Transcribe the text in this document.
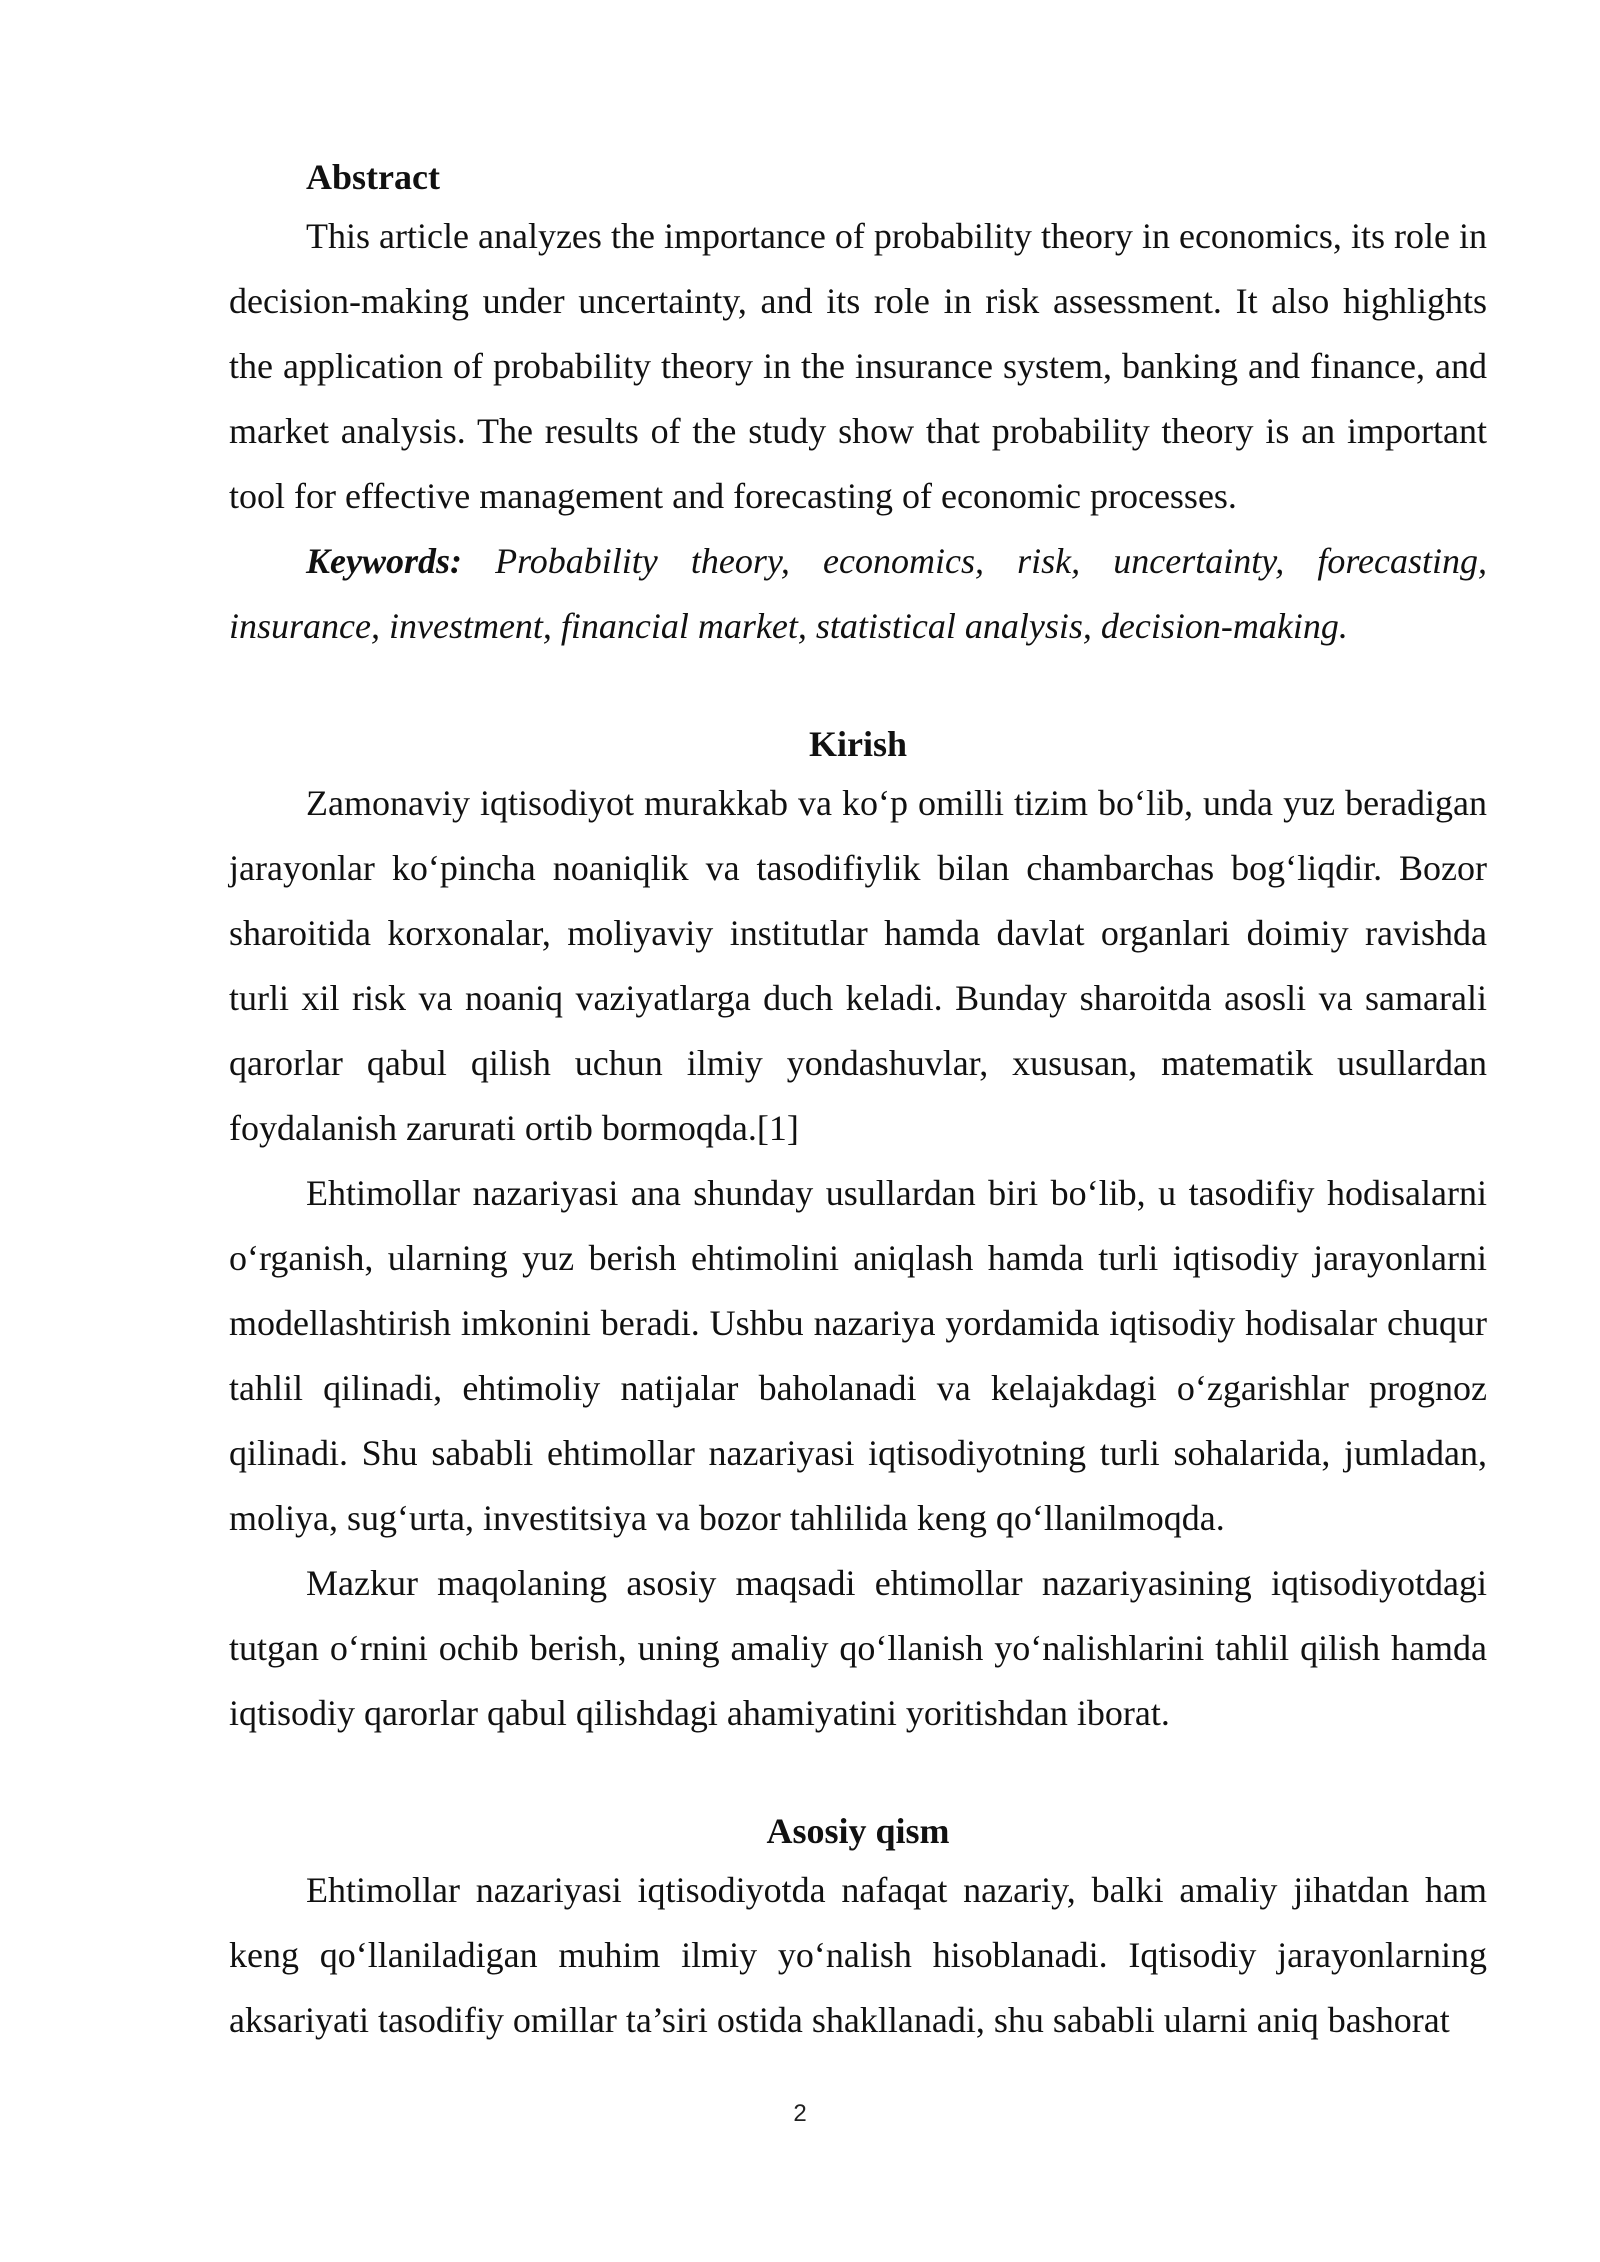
Abstract

This article analyzes the importance of probability theory in economics, its role in decision-making under uncertainty, and its role in risk assessment. It also highlights the application of probability theory in the insurance system, banking and finance, and market analysis. The results of the study show that probability theory is an important tool for effective management and forecasting of economic processes.

Keywords: Probability theory, economics, risk, uncertainty, forecasting, insurance, investment, financial market, statistical analysis, decision-making.

Kirish

Zamonaviy iqtisodiyot murakkab va ko‘p omilli tizim bo‘lib, unda yuz beradigan jarayonlar ko‘pincha noaniqlik va tasodifiylik bilan chambarchas bog‘liqdir. Bozor sharoitida korxonalar, moliyaviy institutlar hamda davlat organlari doimiy ravishda turli xil risk va noaniq vaziyatlarga duch keladi. Bunday sharoitda asosli va samarali qarorlar qabul qilish uchun ilmiy yondashuvlar, xususan, matematik usullardan foydalanish zarurati ortib bormoqda.[1]

Ehtimollar nazariyasi ana shunday usullardan biri bo‘lib, u tasodifiy hodisalarni o‘rganish, ularning yuz berish ehtimolini aniqlash hamda turli iqtisodiy jarayonlarni modellashtirish imkonini beradi. Ushbu nazariya yordamida iqtisodiy hodisalar chuqur tahlil qilinadi, ehtimoliy natijalar baholanadi va kelajakdagi o‘zgarishlar prognoz qilinadi. Shu sababli ehtimollar nazariyasi iqtisodiyotning turli sohalarida, jumladan, moliya, sug‘urta, investitsiya va bozor tahlilida keng qo‘llanilmoqda.

Mazkur maqolaning asosiy maqsadi ehtimollar nazariyasining iqtisodiyotdagi tutgan o‘rnini ochib berish, uning amaliy qo‘llanish yo‘nalishlarini tahlil qilish hamda iqtisodiy qarorlar qabul qilishdagi ahamiyatini yoritishdan iborat.

Asosiy qism

Ehtimollar nazariyasi iqtisodiyotda nafaqat nazariy, balki amaliy jihatdan ham keng qo‘llaniladigan muhim ilmiy yo‘nalish hisoblanadi. Iqtisodiy jarayonlarning aksariyati tasodifiy omillar ta’siri ostida shakllanadi, shu sababli ularni aniq bashorat

2
